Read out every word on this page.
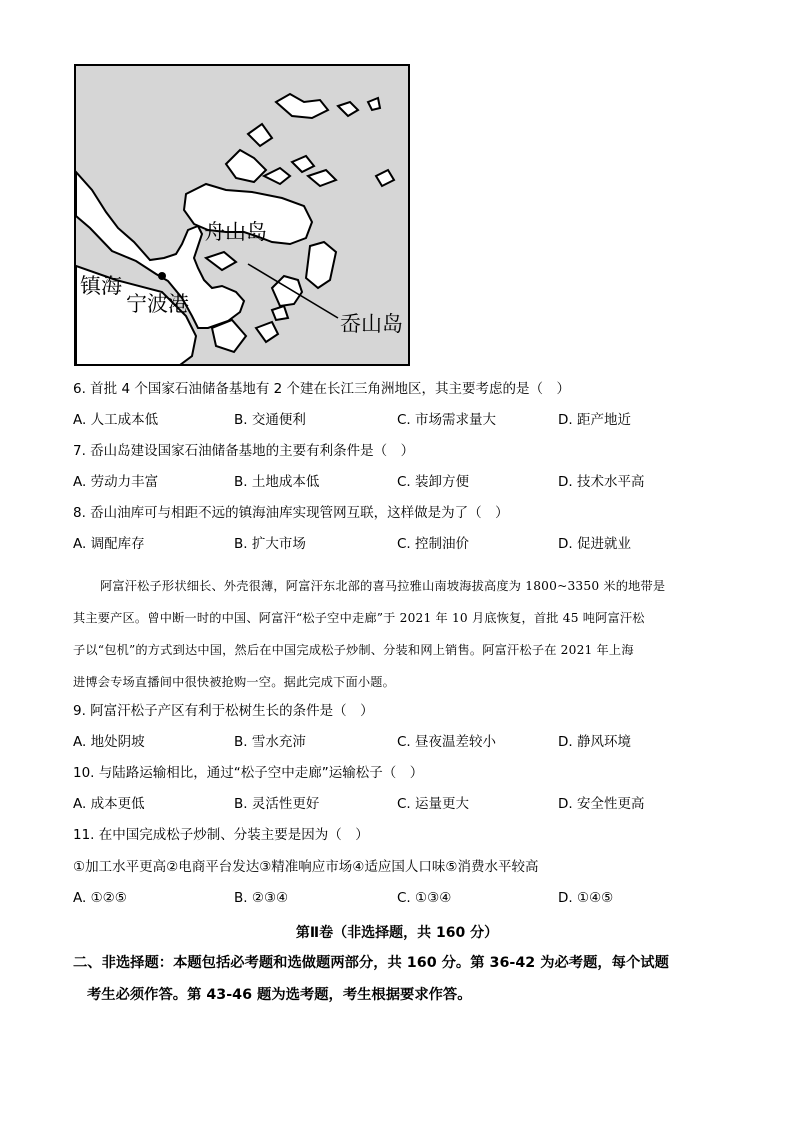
舟山岛
镇海
宁波港
岙山岛
6. 首批 4 个国家石油储备基地有 2 个建在长江三角洲地区，其主要考虑的是（　）
A. 人工成本低	B. 交通便利	C. 市场需求量大	D. 距产地近
7. 岙山岛建设国家石油储备基地的主要有利条件是（　）
A. 劳动力丰富	B. 土地成本低	C. 装卸方便	D. 技术水平高
8. 岙山油库可与相距不远的镇海油库实现管网互联，这样做是为了（　）
A. 调配库存	B. 扩大市场	C. 控制油价	D. 促进就业
阿富汗松子形状细长、外壳很薄，阿富汗东北部的喜马拉雅山南坡海拔高度为 1800~3350 米的地带是
其主要产区。曾中断一时的中国、阿富汗“松子空中走廊”于 2021 年 10 月底恢复，首批 45 吨阿富汗松
子以“包机”的方式到达中国，然后在中国完成松子炒制、分装和网上销售。阿富汗松子在 2021 年上海
进博会专场直播间中很快被抢购一空。据此完成下面小题。
9. 阿富汗松子产区有利于松树生长的条件是（　）
A. 地处阴坡	B. 雪水充沛	C. 昼夜温差较小	D. 静风环境
10. 与陆路运输相比，通过“松子空中走廊”运输松子（　）
A. 成本更低	B. 灵活性更好	C. 运量更大	D. 安全性更高
11. 在中国完成松子炒制、分装主要是因为（　）
①加工水平更高②电商平台发达③精准响应市场④适应国人口味⑤消费水平较高
A. ①②⑤	B. ②③④	C. ①③④	D. ①④⑤
第Ⅱ卷（非选择题，共 160 分）
二、非选择题：本题包括必考题和选做题两部分，共 160 分。第 36-42 为必考题，每个试题
考生必须作答。第 43-46 题为选考题，考生根据要求作答。
